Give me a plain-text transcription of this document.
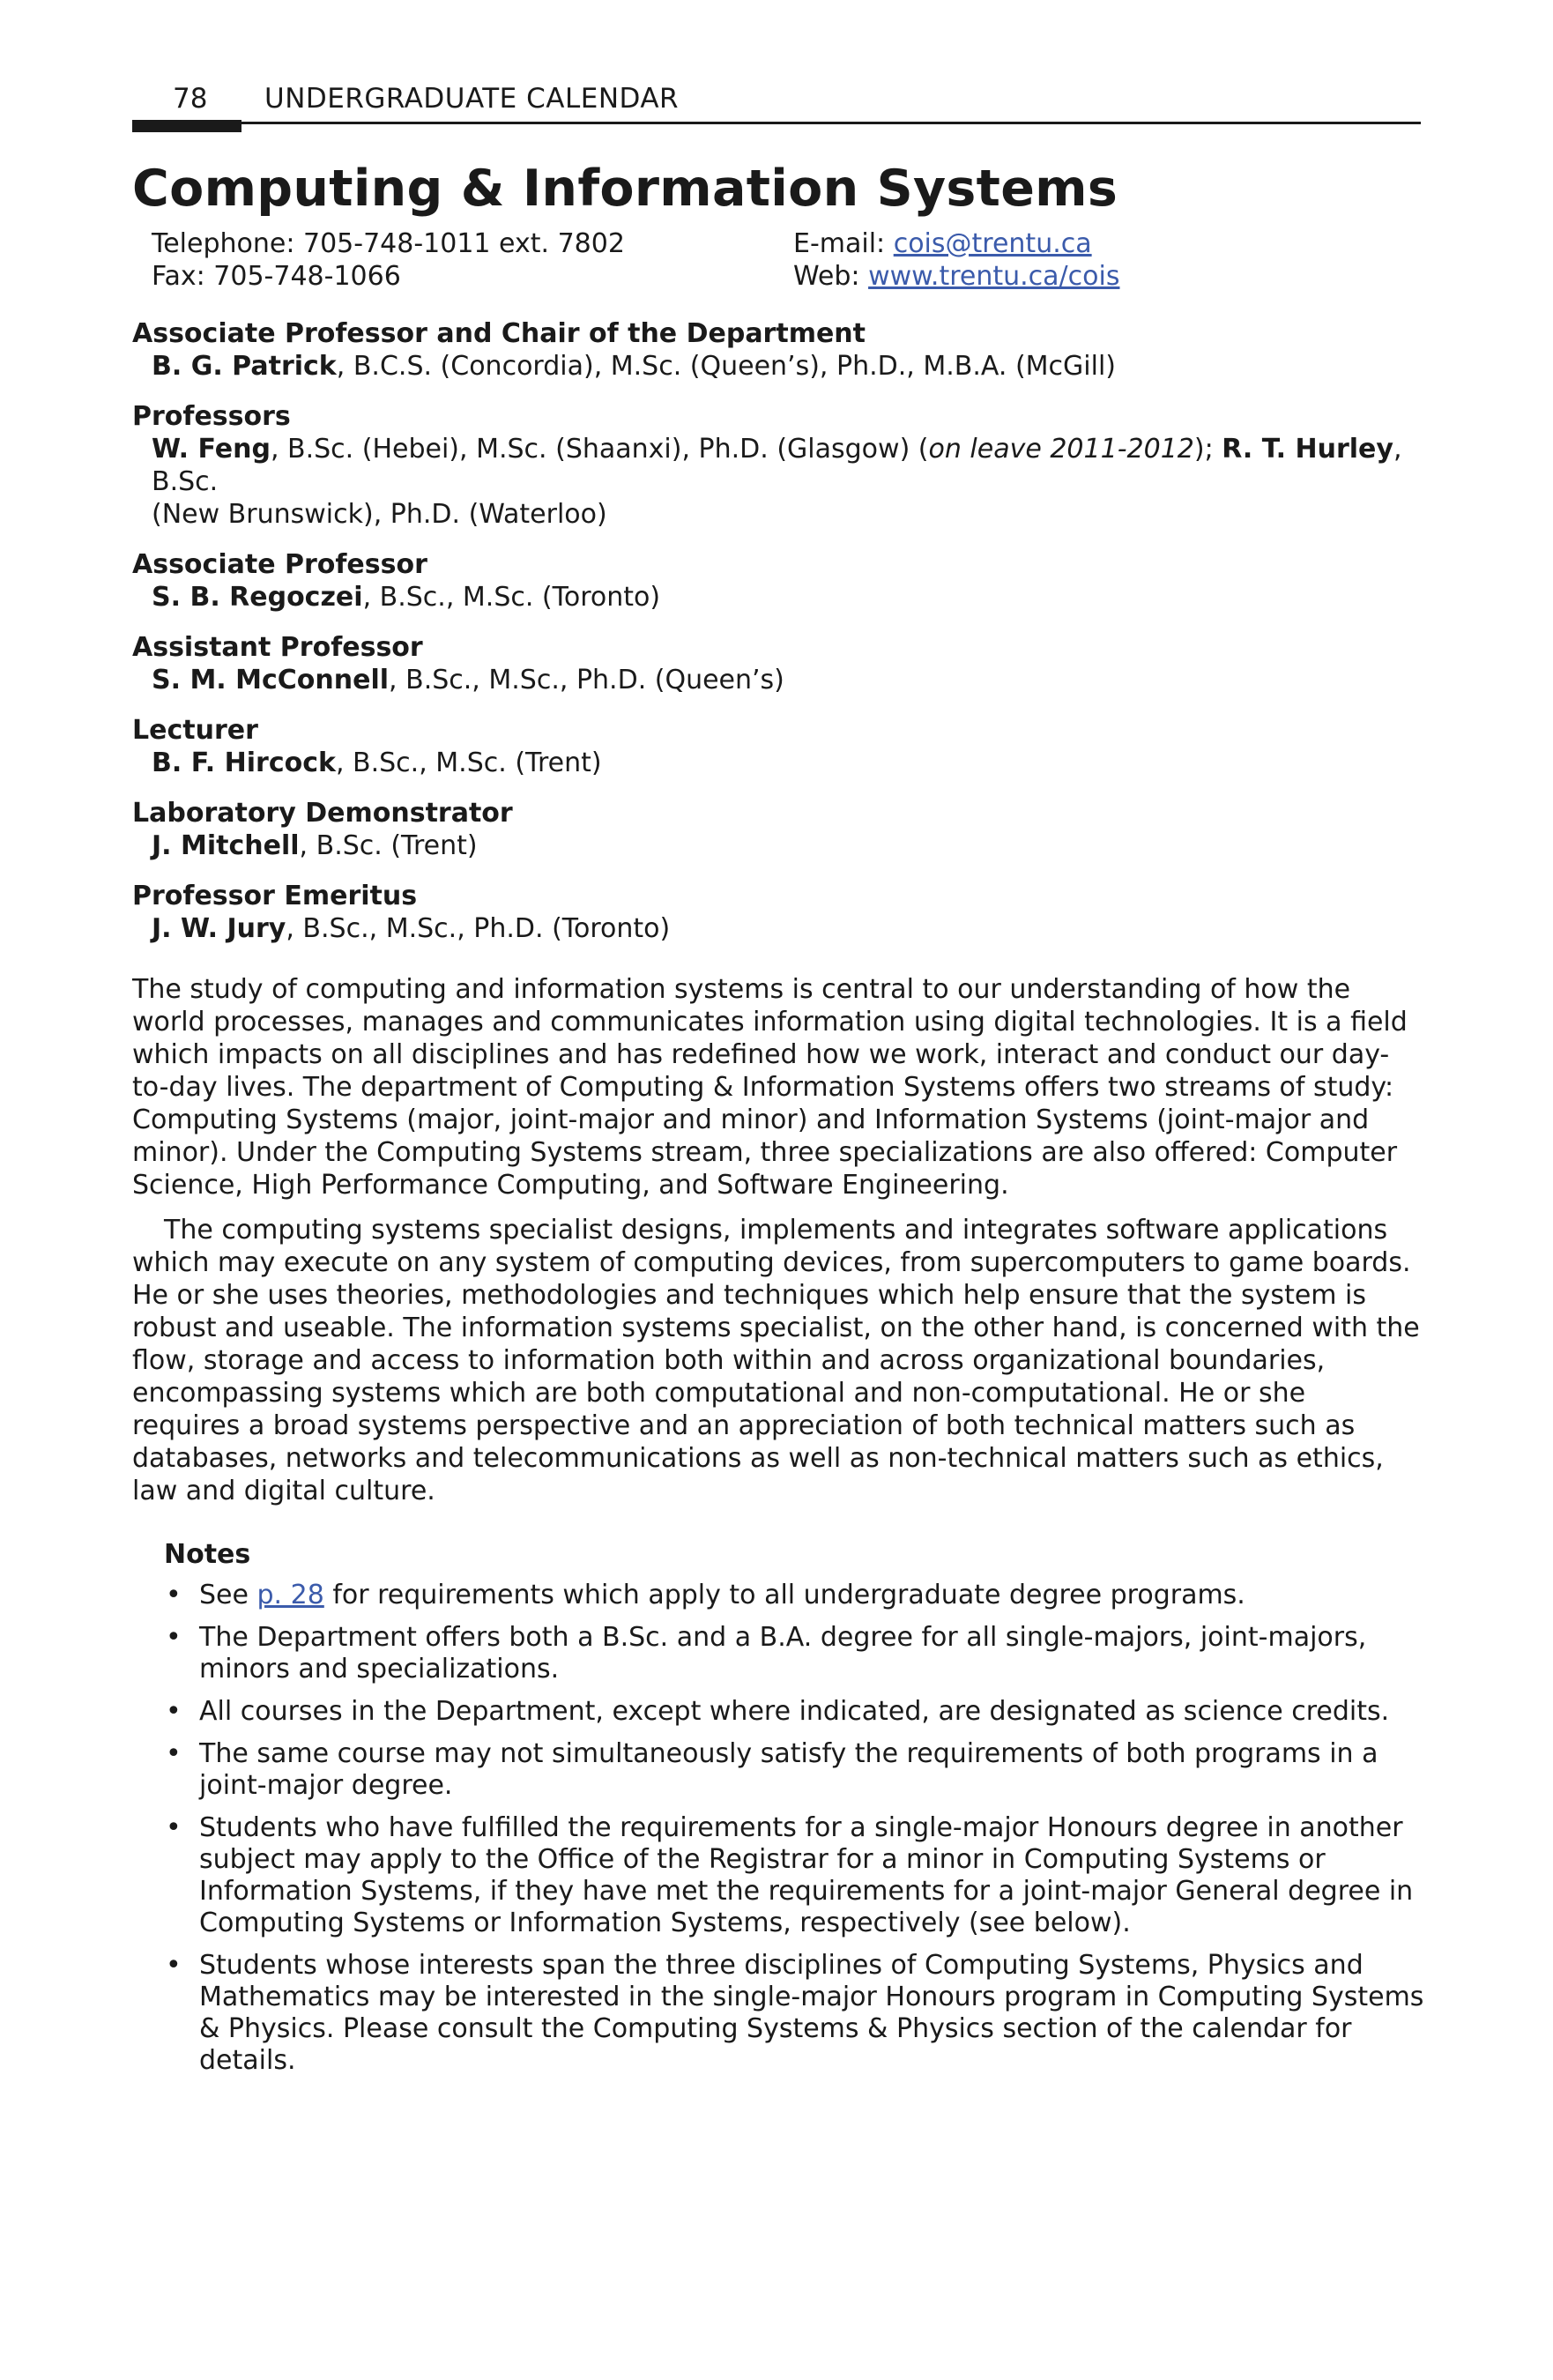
78 UNDERGRADUATE CALENDAR
Computing & Information Systems
Telephone: 705-748-1011 ext. 7802
Fax: 705-748-1066
E-mail: cois@trentu.ca
Web: www.trentu.ca/cois
Associate Professor and Chair of the Department
B. G. Patrick, B.C.S. (Concordia), M.Sc. (Queen’s), Ph.D., M.B.A. (McGill)
Professors
W. Feng, B.Sc. (Hebei), M.Sc. (Shaanxi), Ph.D. (Glasgow) (on leave 2011-2012); R. T. Hurley, B.Sc.
(New Brunswick), Ph.D. (Waterloo)
Associate Professor
S. B. Regoczei, B.Sc., M.Sc. (Toronto)
Assistant Professor
S. M. McConnell, B.Sc., M.Sc., Ph.D. (Queen’s)
Lecturer
B. F. Hircock, B.Sc., M.Sc. (Trent)
Laboratory Demonstrator
J. Mitchell, B.Sc. (Trent)
Professor Emeritus
J. W. Jury, B.Sc., M.Sc., Ph.D. (Toronto)

The study of computing and information systems is central to our understanding of how the world processes, manages and communicates information using digital technologies. It is a field which impacts on all disciplines and has redefined how we work, interact and conduct our day-to-day lives. The department of Computing & Information Systems offers two streams of study: Computing Systems (major, joint-major and minor) and Information Systems (joint-major and minor). Under the Computing Systems stream, three specializations are also offered: Computer Science, High Performance Computing, and Software Engineering.

The computing systems specialist designs, implements and integrates software applications which may execute on any system of computing devices, from supercomputers to game boards. He or she uses theories, methodologies and techniques which help ensure that the system is robust and useable. The information systems specialist, on the other hand, is concerned with the flow, storage and access to information both within and across organizational boundaries, encompassing systems which are both computational and non-computational. He or she requires a broad systems perspective and an appreciation of both technical matters such as databases, networks and telecommunications as well as non-technical matters such as ethics, law and digital culture.

Notes
• See p. 28 for requirements which apply to all undergraduate degree programs.
• The Department offers both a B.Sc. and a B.A. degree for all single-majors, joint-majors, minors and specializations.
• All courses in the Department, except where indicated, are designated as science credits.
• The same course may not simultaneously satisfy the requirements of both programs in a joint-major degree.
• Students who have fulfilled the requirements for a single-major Honours degree in another subject may apply to the Office of the Registrar for a minor in Computing Systems or Information Systems, if they have met the requirements for a joint-major General degree in Computing Systems or Information Systems, respectively (see below).
• Students whose interests span the three disciplines of Computing Systems, Physics and Mathematics may be interested in the single-major Honours program in Computing Systems & Physics. Please consult the Computing Systems & Physics section of the calendar for details.
